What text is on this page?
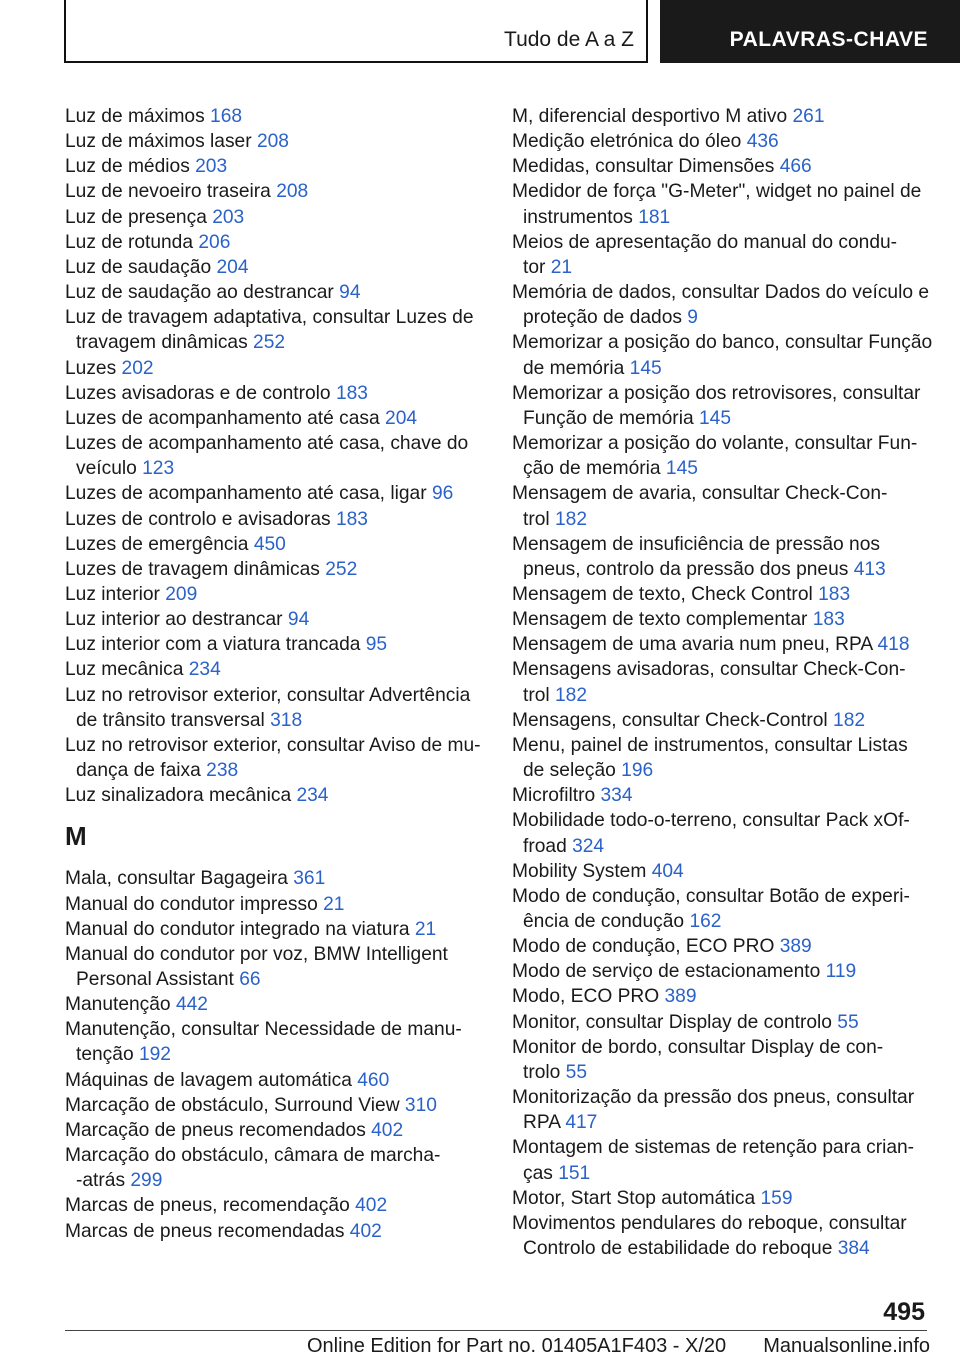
Tudo de A a Z	PALAVRAS-CHAVE
Luz de máximos 168
Luz de máximos laser 208
Luz de médios 203
Luz de nevoeiro traseira 208
Luz de presença 203
Luz de rotunda 206
Luz de saudação 204
Luz de saudação ao destrancar 94
Luz de travagem adaptativa, consultar Luzes de
travagem dinâmicas 252
Luzes 202
Luzes avisadoras e de controlo 183
Luzes de acompanhamento até casa 204
Luzes de acompanhamento até casa, chave do
veículo 123
Luzes de acompanhamento até casa, ligar 96
Luzes de controlo e avisadoras 183
Luzes de emergência 450
Luzes de travagem dinâmicas 252
Luz interior 209
Luz interior ao destrancar 94
Luz interior com a viatura trancada 95
Luz mecânica 234
Luz no retrovisor exterior, consultar Advertência
de trânsito transversal 318
Luz no retrovisor exterior, consultar Aviso de mu-
dança de faixa 238
Luz sinalizadora mecânica 234
M
Mala, consultar Bagageira 361
Manual do condutor impresso 21
Manual do condutor integrado na viatura 21
Manual do condutor por voz, BMW Intelligent
Personal Assistant 66
Manutenção 442
Manutenção, consultar Necessidade de manu-
tenção 192
Máquinas de lavagem automática 460
Marcação de obstáculo, Surround View 310
Marcação de pneus recomendados 402
Marcação do obstáculo, câmara de marcha-
-atrás 299
Marcas de pneus, recomendação 402
Marcas de pneus recomendadas 402
M, diferencial desportivo M ativo 261
Medição eletrónica do óleo 436
Medidas, consultar Dimensões 466
Medidor de força "G-Meter", widget no painel de
instrumentos 181
Meios de apresentação do manual do condu-
tor 21
Memória de dados, consultar Dados do veículo e
proteção de dados 9
Memorizar a posição do banco, consultar Função
de memória 145
Memorizar a posição dos retrovisores, consultar
Função de memória 145
Memorizar a posição do volante, consultar Fun-
ção de memória 145
Mensagem de avaria, consultar Check-Con-
trol 182
Mensagem de insuficiência de pressão nos
pneus, controlo da pressão dos pneus 413
Mensagem de texto, Check Control 183
Mensagem de texto complementar 183
Mensagem de uma avaria num pneu, RPA 418
Mensagens avisadoras, consultar Check-Con-
trol 182
Mensagens, consultar Check-Control 182
Menu, painel de instrumentos, consultar Listas
de seleção 196
Microfiltro 334
Mobilidade todo-o-terreno, consultar Pack xOf-
froad 324
Mobility System 404
Modo de condução, consultar Botão de experi-
ência de condução 162
Modo de condução, ECO PRO 389
Modo de serviço de estacionamento 119
Modo, ECO PRO 389
Monitor, consultar Display de controlo 55
Monitor de bordo, consultar Display de con-
trolo 55
Monitorização da pressão dos pneus, consultar
RPA 417
Montagem de sistemas de retenção para crian-
ças 151
Motor, Start Stop automática 159
Movimentos pendulares do reboque, consultar
Controlo de estabilidade do reboque 384
495
Online Edition for Part no. 01405A1F403 - X/20 Manualsonline.info
